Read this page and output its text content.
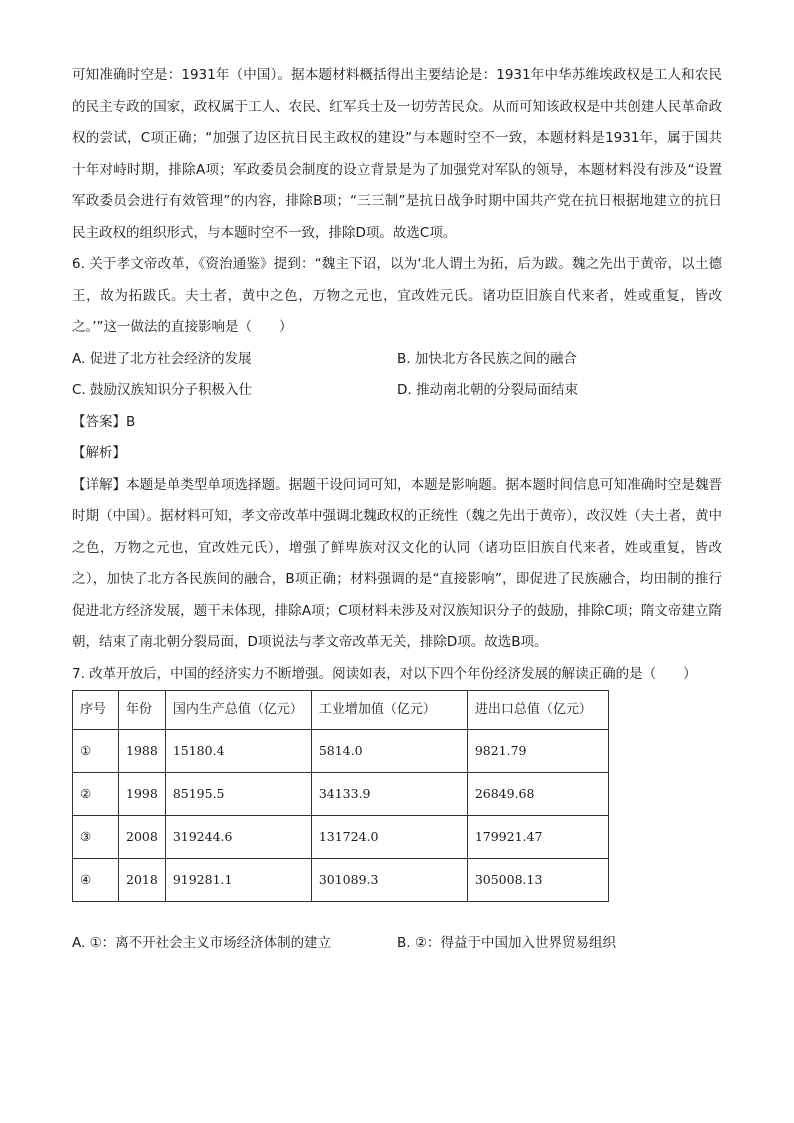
可知准确时空是：1931年（中国）。据本题材料概括得出主要结论是：1931年中华苏维埃政权是工人和农民的民主专政的国家，政权属于工人、农民、红军兵士及一切劳苦民众。从而可知该政权是中共创建人民革命政权的尝试，C项正确；“加强了边区抗日民主政权的建设”与本题时空不一致，本题材料是1931年，属于国共十年对峙时期，排除A项；军政委员会制度的设立背景是为了加强党对军队的领导，本题材料没有涉及“设置军政委员会进行有效管理”的内容，排除B项；“三三制”是抗日战争时期中国共产党在抗日根据地建立的抗日民主政权的组织形式，与本题时空不一致，排除D项。故选C项。

6. 关于孝文帝改革，《资治通鉴》提到：“魏主下诏，以为‘北人谓土为拓，后为跋。魏之先出于黄帝，以土德王，故为拓跋氏。夫土者，黄中之色，万物之元也，宜改姓元氏。诸功臣旧族自代来者，姓或重复，皆改之。’”这一做法的直接影响是（　　）

A. 促进了北方社会经济的发展	B. 加快北方各民族之间的融合
C. 鼓励汉族知识分子积极入仕	D. 推动南北朝的分裂局面结束
【答案】B
【解析】

【详解】本题是单类型单项选择题。据题干设问词可知，本题是影响题。据本题时间信息可知准确时空是魏晋时期（中国）。据材料可知，孝文帝改革中强调北魏政权的正统性（魏之先出于黄帝），改汉姓（夫土者，黄中之色，万物之元也，宜改姓元氏），增强了鲜卑族对汉文化的认同（诸功臣旧族自代来者，姓或重复，皆改之），加快了北方各民族间的融合，B项正确；材料强调的是“直接影响”，即促进了民族融合，均田制的推行促进北方经济发展，题干未体现，排除A项；C项材料未涉及对汉族知识分子的鼓励，排除C项；隋文帝建立隋朝，结束了南北朝分裂局面，D项说法与孝文帝改革无关，排除D项。故选B项。

7. 改革开放后，中国的经济实力不断增强。阅读如表，对以下四个年份经济发展的解读正确的是（　　）

序号	年份	国内生产总值（亿元）	工业增加值（亿元）	进出口总值（亿元）
①	1988	15180.4	5814.0	9821.79
②	1998	85195.5	34133.9	26849.68
③	2008	319244.6	131724.0	179921.47
④	2018	919281.1	301089.3	305008.13
A. ①：离不开社会主义市场经济体制的建立	B. ②：得益于中国加入世界贸易组织
